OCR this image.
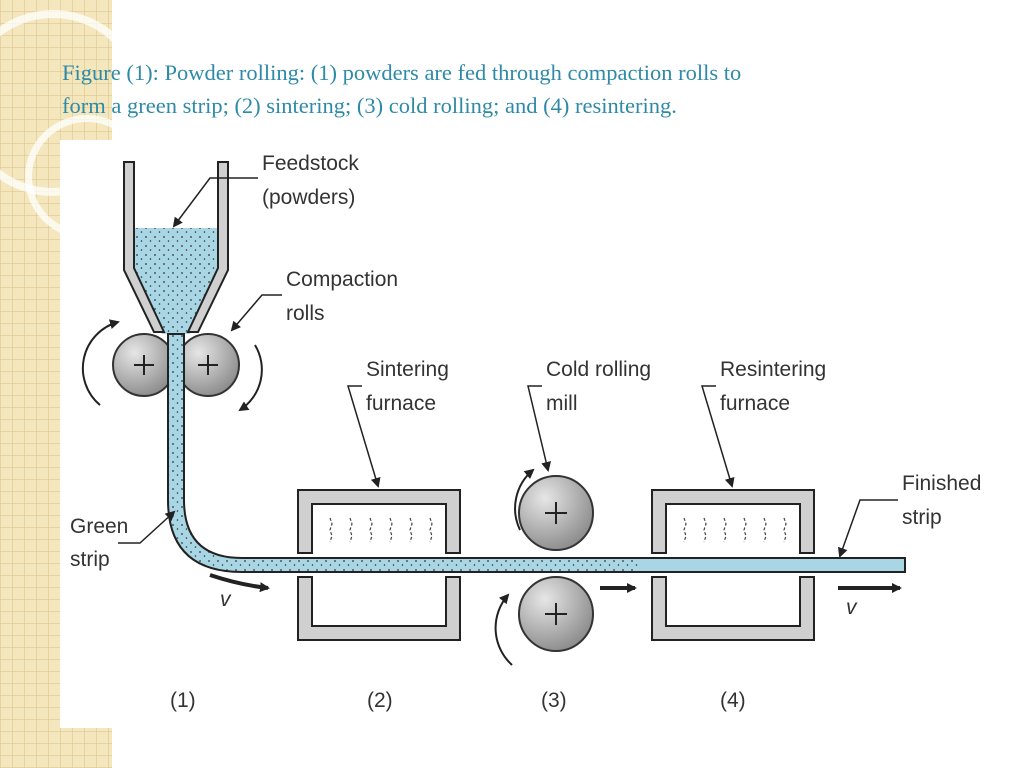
Figure (1): Powder rolling: (1) powders are fed through compaction rolls to
form a green strip; (2) sintering; (3) cold rolling; and (4) resintering.
v	v
Feedstock
(powders)
Compaction
rolls
Sintering
furnace
Cold rolling
mill
Resintering
furnace
Finished
strip
Green
strip
(1)	(2)	(3)	(4)
